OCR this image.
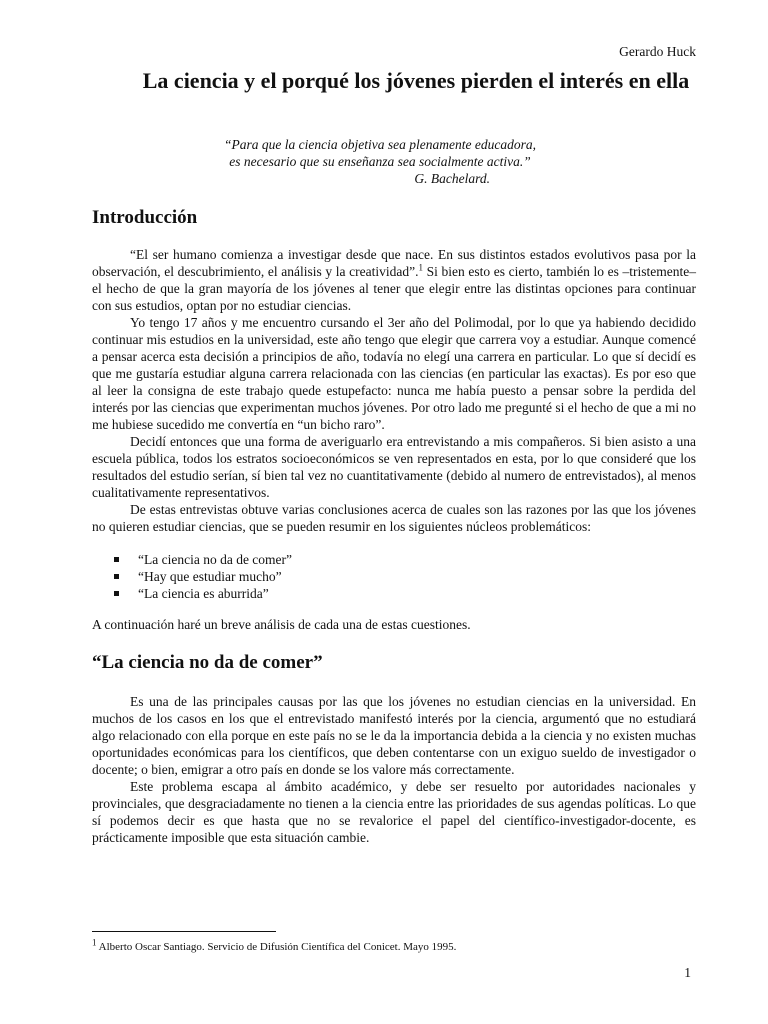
Gerardo Huck
La ciencia y el porqué los jóvenes pierden el interés en ella
“Para que la ciencia objetiva sea plenamente educadora,
es necesario que su enseñanza sea socialmente activa.”
G. Bachelard.
Introducción

“El ser humano comienza a investigar desde que nace. En sus distintos estados evolutivos pasa por la observación, el descubrimiento, el análisis y la creatividad”.$^1$ Si bien esto es cierto, también lo es –tristemente– el hecho de que la gran mayoría de los jóvenes al tener que elegir entre las distintas opciones para continuar con sus estudios, optan por no estudiar ciencias.

Yo tengo 17 años y me encuentro cursando el 3er año del Polimodal, por lo que ya habiendo decidido continuar mis estudios en la universidad, este año tengo que elegir que carrera voy a estudiar. Aunque comencé a pensar acerca esta decisión a principios de año, todavía no elegí una carrera en particular. Lo que sí decidí es que me gustaría estudiar alguna carrera relacionada con las ciencias (en particular las exactas). Es por eso que al leer la consigna de este trabajo quede estupefacto: nunca me había puesto a pensar sobre la perdida del interés por las ciencias que experimentan muchos jóvenes. Por otro lado me pregunté si el hecho de que a mi no me hubiese sucedido me convertía en “un bicho raro”.

Decidí entonces que una forma de averiguarlo era entrevistando a mis compañeros. Si bien asisto a una escuela pública, todos los estratos socioeconómicos se ven representados en esta, por lo que consideré que los resultados del estudio serían, sí bien tal vez no cuantitativamente (debido al numero de entrevistados), al menos cualitativamente representativos.

De estas entrevistas obtuve varias conclusiones acerca de cuales son las razones por las que los jóvenes no quieren estudiar ciencias, que se pueden resumir en los siguientes núcleos problemáticos:

“La ciencia no da de comer”
“Hay que estudiar mucho”
“La ciencia es aburrida”

A continuación haré un breve análisis de cada una de estas cuestiones.

“La ciencia no da de comer”

Es una de las principales causas por las que los jóvenes no estudian ciencias en la universidad. En muchos de los casos en los que el entrevistado manifestó interés por la ciencia, argumentó que no estudiará algo relacionado con ella porque en este país no se le da la importancia debida a la ciencia y no existen muchas oportunidades económicas para los científicos, que deben contentarse con un exiguo sueldo de investigador o docente; o bien, emigrar a otro país en donde se los valore más correctamente.

Este problema escapa al ámbito académico, y debe ser resuelto por autoridades nacionales y provinciales, que desgraciadamente no tienen a la ciencia entre las prioridades de sus agendas políticas. Lo que sí podemos decir es que hasta que no se revalorice el papel del científico-investigador-docente, es prácticamente imposible que esta situación cambie.

$^1$ Alberto Oscar Santiago. Servicio de Difusión Científica del Conicet. Mayo 1995.
1
